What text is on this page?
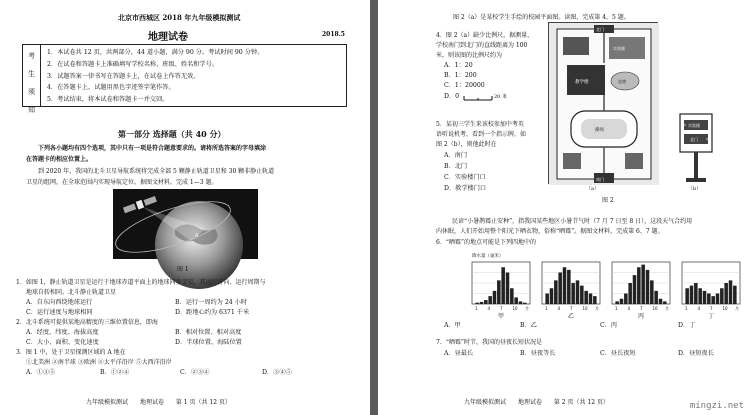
北京市西城区 2018 年九年级模拟测试
地理试卷	2018.5
考
生
须
知
1．本试卷共 12 页，共两部分，44 道小题，满分 90 分。考试时间 90 分钟。
2．在试卷和答题卡上准确填写学校名称、班级、姓名和学号。
3．试题答案一律书写在答题卡上，在试卷上作答无效。
4．在答题卡上，试题用黑色字迹签字笔作答。
5．考试结束，将本试卷和答题卡一并交回。
第一部分 选择题（共 40 分）
下列各小题均有四个选项，其中只有一项是符合题意要求的。请将所选答案的字母填涂
在答题卡的相应位置上。
到 2020 年，我国的北斗卫星导航系统将完成全部 5 颗静止轨道卫星和 30 颗非静止轨道
卫星的组网，在全球范围内实现导航定位。据图文材料，完成 1—3 题。
A
图 1
1．如图 1，静止轨道卫星是运行于地球赤道平面上的地球同步卫星，其运行方向、运行周期与
地球自转相同。北斗静止轨道卫星
A．自东向西绕地球运行	B．运行一周约为 24 小时
C．运行速度与地球相同	D．距地心约为 6371 千米
2．北斗系统可提供某地高精度的三维位置信息，即海
A．经度、纬度、海拔高度	B．相对位置、相对高度
C．大小、面积、变化速度	D．半球位置、海陆位置
3．图 1 中，处于卫星探测区域的 A 地在
①北美洲 ②南半球 ③欧洲 ④太平洋沿岸 ⑤大西洋沿岸
A．①③⑤	B．①②④	C．②③④	D．③④⑤
九年级模拟测试 地理试卷 第 1 页（共 12 页）
图 2（a）是某校学生手绘的校园平面图。读图，完成第 4、5 题。
4．图 2（a）缺少比例尺，据测量，
学校南门到北门的直线距离为 100
米，则该图的比例尺约为
A．1：20
B．1：200
C．1：20000
D．0	20 米
5．某初三学生来该校参加中考英
语听说机考，看到一个指示牌，如
图 2（b），则他此时在
A．南门
B．北门
C．实验楼门口
D．教学楼门口
北门
实验楼
教学楼	池塘
操场
南门
（a）
实验楼
北门
（b）
图 2
民谚“小暑鹊霉止安种”，指我国某些地区小暑节气时（7 月 7 日至 8 日），这段天气合约用
内休眠，人们开始用整个阳光下晒衣物，俗称“晒霉”。据图文材料，完成第 6、7 题。
6．“晒霉”的地点可能是下列四地中的
降水量（毫米）
1 4 7 10 月
甲
1 4 7 10 月
乙
1 4 7 10 月
丙
1 4 7 10 月
丁
A．甲	B．乙	C．丙	D．丁
7．“晒霉”时节，我国的昼夜长短状况是
A．昼最长	B．昼夜等长	C．昼长夜短	D．昼短夜长
九年级模拟测试 地理试卷 第 2 页（共 12 页）	mingzi.net
